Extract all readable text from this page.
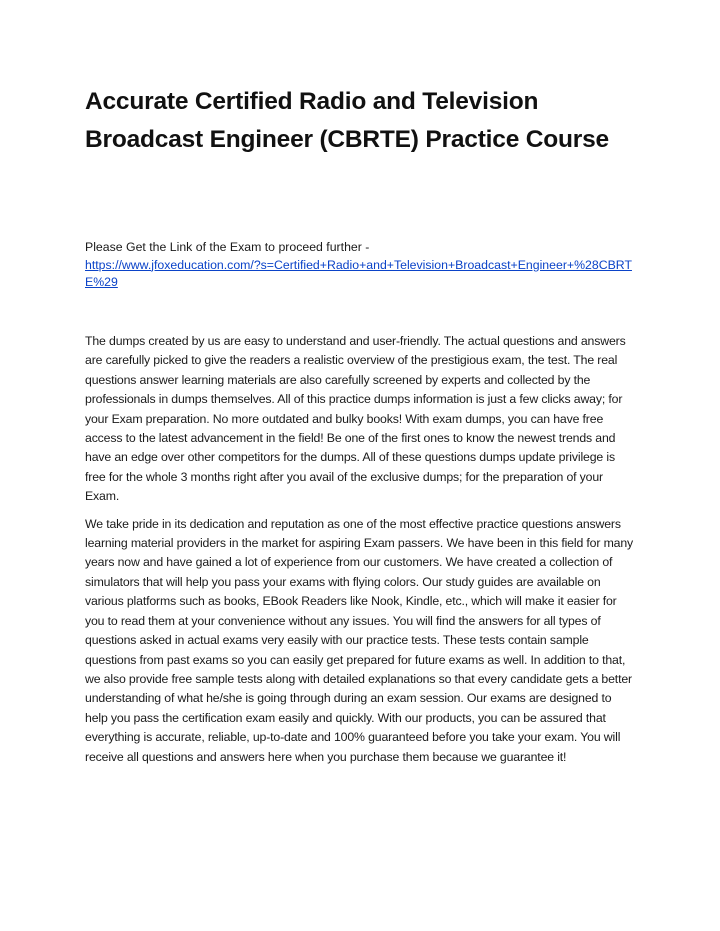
Accurate Certified Radio and Television Broadcast Engineer (CBRTE) Practice Course
Please Get the Link of the Exam to proceed further -
https://www.jfoxeducation.com/?s=Certified+Radio+and+Television+Broadcast+Engineer+%28CBRTE%29

The dumps created by us are easy to understand and user-friendly. The actual questions and answers are carefully picked to give the readers a realistic overview of the prestigious exam, the test. The real questions answer learning materials are also carefully screened by experts and collected by the professionals in dumps themselves. All of this practice dumps information is just a few clicks away; for your Exam preparation. No more outdated and bulky books! With exam dumps, you can have free access to the latest advancement in the field! Be one of the first ones to know the newest trends and have an edge over other competitors for the dumps. All of these questions dumps update privilege is free for the whole 3 months right after you avail of the exclusive dumps; for the preparation of your Exam.

We take pride in its dedication and reputation as one of the most effective practice questions answers learning material providers in the market for aspiring Exam passers. We have been in this field for many years now and have gained a lot of experience from our customers. We have created a collection of simulators that will help you pass your exams with flying colors. Our study guides are available on various platforms such as books, EBook Readers like Nook, Kindle, etc., which will make it easier for you to read them at your convenience without any issues. You will find the answers for all types of questions asked in actual exams very easily with our practice tests. These tests contain sample questions from past exams so you can easily get prepared for future exams as well. In addition to that, we also provide free sample tests along with detailed explanations so that every candidate gets a better understanding of what he/she is going through during an exam session. Our exams are designed to help you pass the certification exam easily and quickly. With our products, you can be assured that everything is accurate, reliable, up-to-date and 100% guaranteed before you take your exam. You will receive all questions and answers here when you purchase them because we guarantee it!
